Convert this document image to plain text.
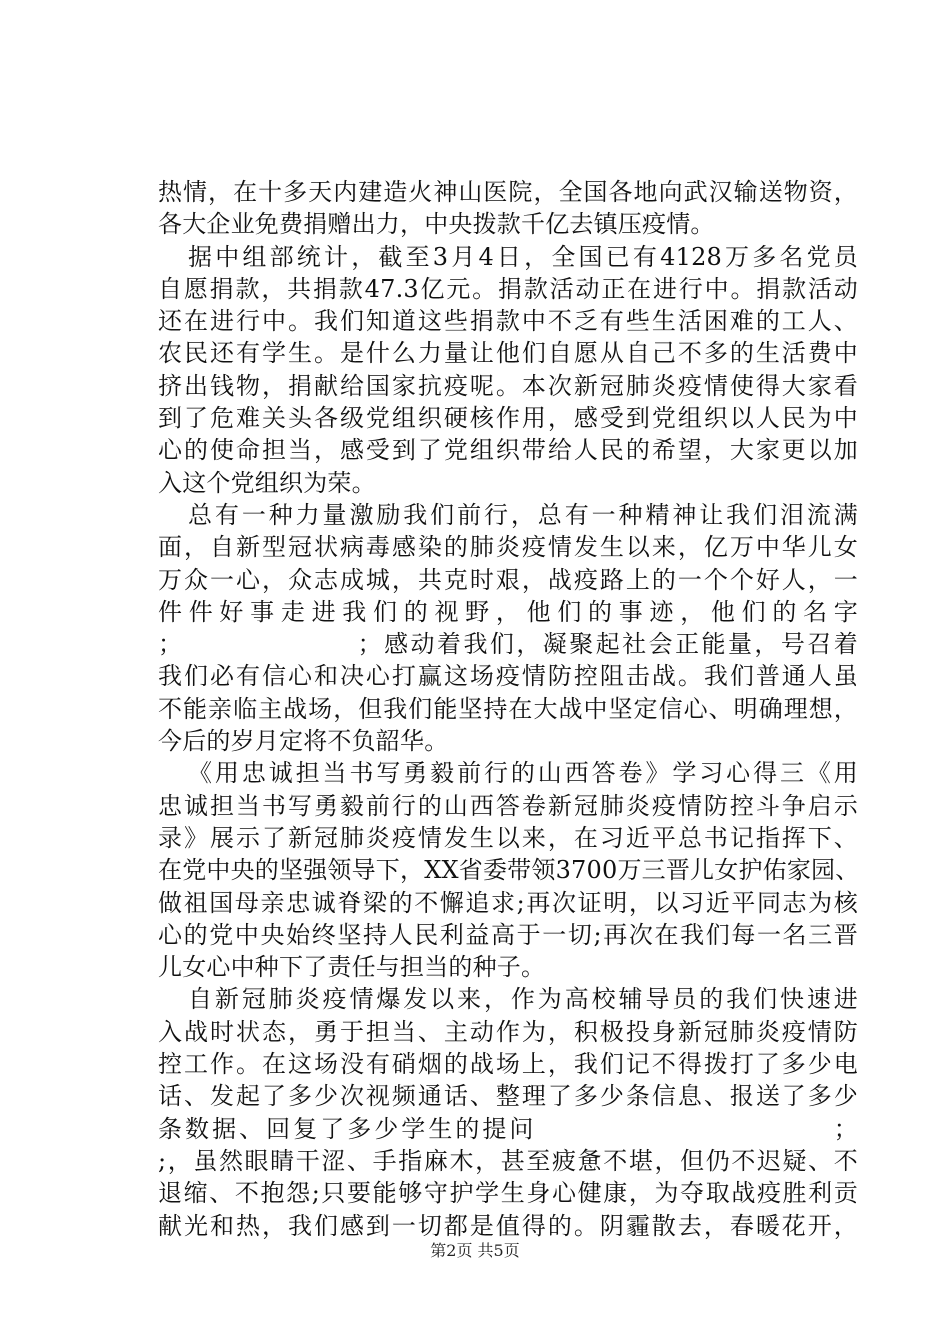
热情，在十多天内建造火神山医院，全国各地向武汉输送物资，
各大企业免费捐赠出力，中央拨款千亿去镇压疫情。
据中组部统计，截至3月4日，全国已有4128万多名党员
自愿捐款，共捐款47.3亿元。捐款活动正在进行中。捐款活动
还在进行中。我们知道这些捐款中不乏有些生活困难的工人、
农民还有学生。是什么力量让他们自愿从自己不多的生活费中
挤出钱物，捐献给国家抗疫呢。本次新冠肺炎疫情使得大家看
到了危难关头各级党组织硬核作用，感受到党组织以人民为中
心的使命担当，感受到了党组织带给人民的希望，大家更以加
入这个党组织为荣。
总有一种力量激励我们前行，总有一种精神让我们泪流满
面，自新型冠状病毒感染的肺炎疫情发生以来，亿万中华儿女
万众一心，众志成城，共克时艰，战疫路上的一个个好人，一
件件好事走进我们的视野，他们的事迹，他们的名字
；　　　　　　　；感动着我们，凝聚起社会正能量，号召着
我们必有信心和决心打赢这场疫情防控阻击战。我们普通人虽
不能亲临主战场，但我们能坚持在大战中坚定信心、明确理想，
今后的岁月定将不负韶华。
《用忠诚担当书写勇毅前行的山西答卷》学习心得三《用
忠诚担当书写勇毅前行的山西答卷新冠肺炎疫情防控斗争启示
录》展示了新冠肺炎疫情发生以来，在习近平总书记指挥下、
在党中央的坚强领导下，XX省委带领3700万三晋儿女护佑家园、
做祖国母亲忠诚脊梁的不懈追求;再次证明，以习近平同志为核
心的党中央始终坚持人民利益高于一切;再次在我们每一名三晋
儿女心中种下了责任与担当的种子。
自新冠肺炎疫情爆发以来，作为高校辅导员的我们快速进
入战时状态，勇于担当、主动作为，积极投身新冠肺炎疫情防
控工作。在这场没有硝烟的战场上，我们记不得拨打了多少电
话、发起了多少次视频通话、整理了多少条信息、报送了多少
条数据、回复了多少学生的提问　　　　　　　　　　　；
;，虽然眼睛干涩、手指麻木，甚至疲惫不堪，但仍不迟疑、不
退缩、不抱怨;只要能够守护学生身心健康，为夺取战疫胜利贡
献光和热，我们感到一切都是值得的。阴霾散去，春暖花开，
第2页 共5页
